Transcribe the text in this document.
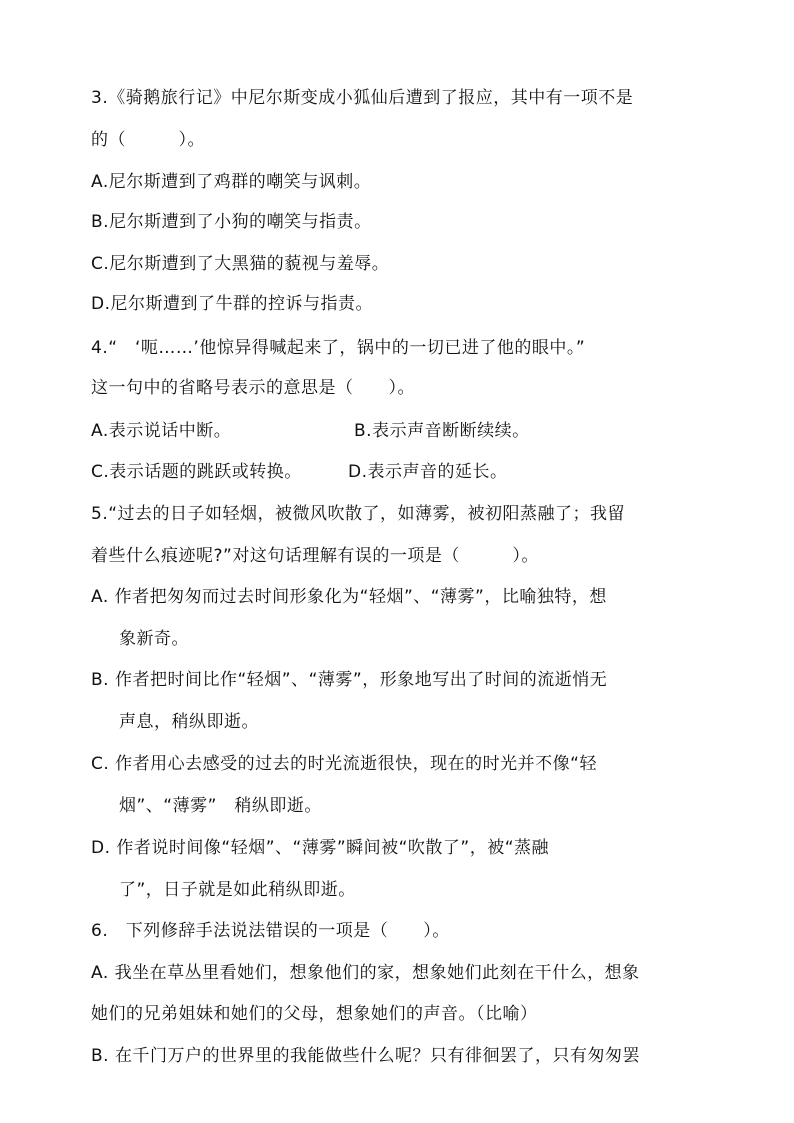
3.《骑鹅旅行记》中尼尔斯变成小狐仙后遭到了报应，其中有一项不是
的（　　　）。
A.尼尔斯遭到了鸡群的嘲笑与讽刺。
B.尼尔斯遭到了小狗的嘲笑与指责。
C.尼尔斯遭到了大黑猫的藐视与羞辱。
D.尼尔斯遭到了牛群的控诉与指责。
4.“　‘呃……’他惊异得喊起来了，锅中的一切已进了他的眼中。”
这一句中的省略号表示的意思是（　　）。
A.表示说话中断。	B.表示声音断断续续。
C.表示话题的跳跃或转换。	D.表示声音的延长。
5.“过去的日子如轻烟，被微风吹散了，如薄雾，被初阳蒸融了；我留
着些什么痕迹呢?”对这句话理解有误的一项是（　　　）。
A. 作者把匆匆而过去时间形象化为“轻烟”、“薄雾”，比喻独特，想
象新奇。
B. 作者把时间比作“轻烟”、“薄雾”，形象地写出了时间的流逝悄无
声息，稍纵即逝。
C. 作者用心去感受的过去的时光流逝很快，现在的时光并不像“轻
烟”、“薄雾”　稍纵即逝。
D. 作者说时间像“轻烟”、“薄雾”瞬间被“吹散了”，被“蒸融
了”，日子就是如此稍纵即逝。
6.　下列修辞手法说法错误的一项是（　　）。
A. 我坐在草丛里看她们，想象他们的家，想象她们此刻在干什么，想象
她们的兄弟姐妹和她们的父母，想象她们的声音。（比喻）
B. 在千门万户的世界里的我能做些什么呢？只有徘徊罢了，只有匆匆罢
